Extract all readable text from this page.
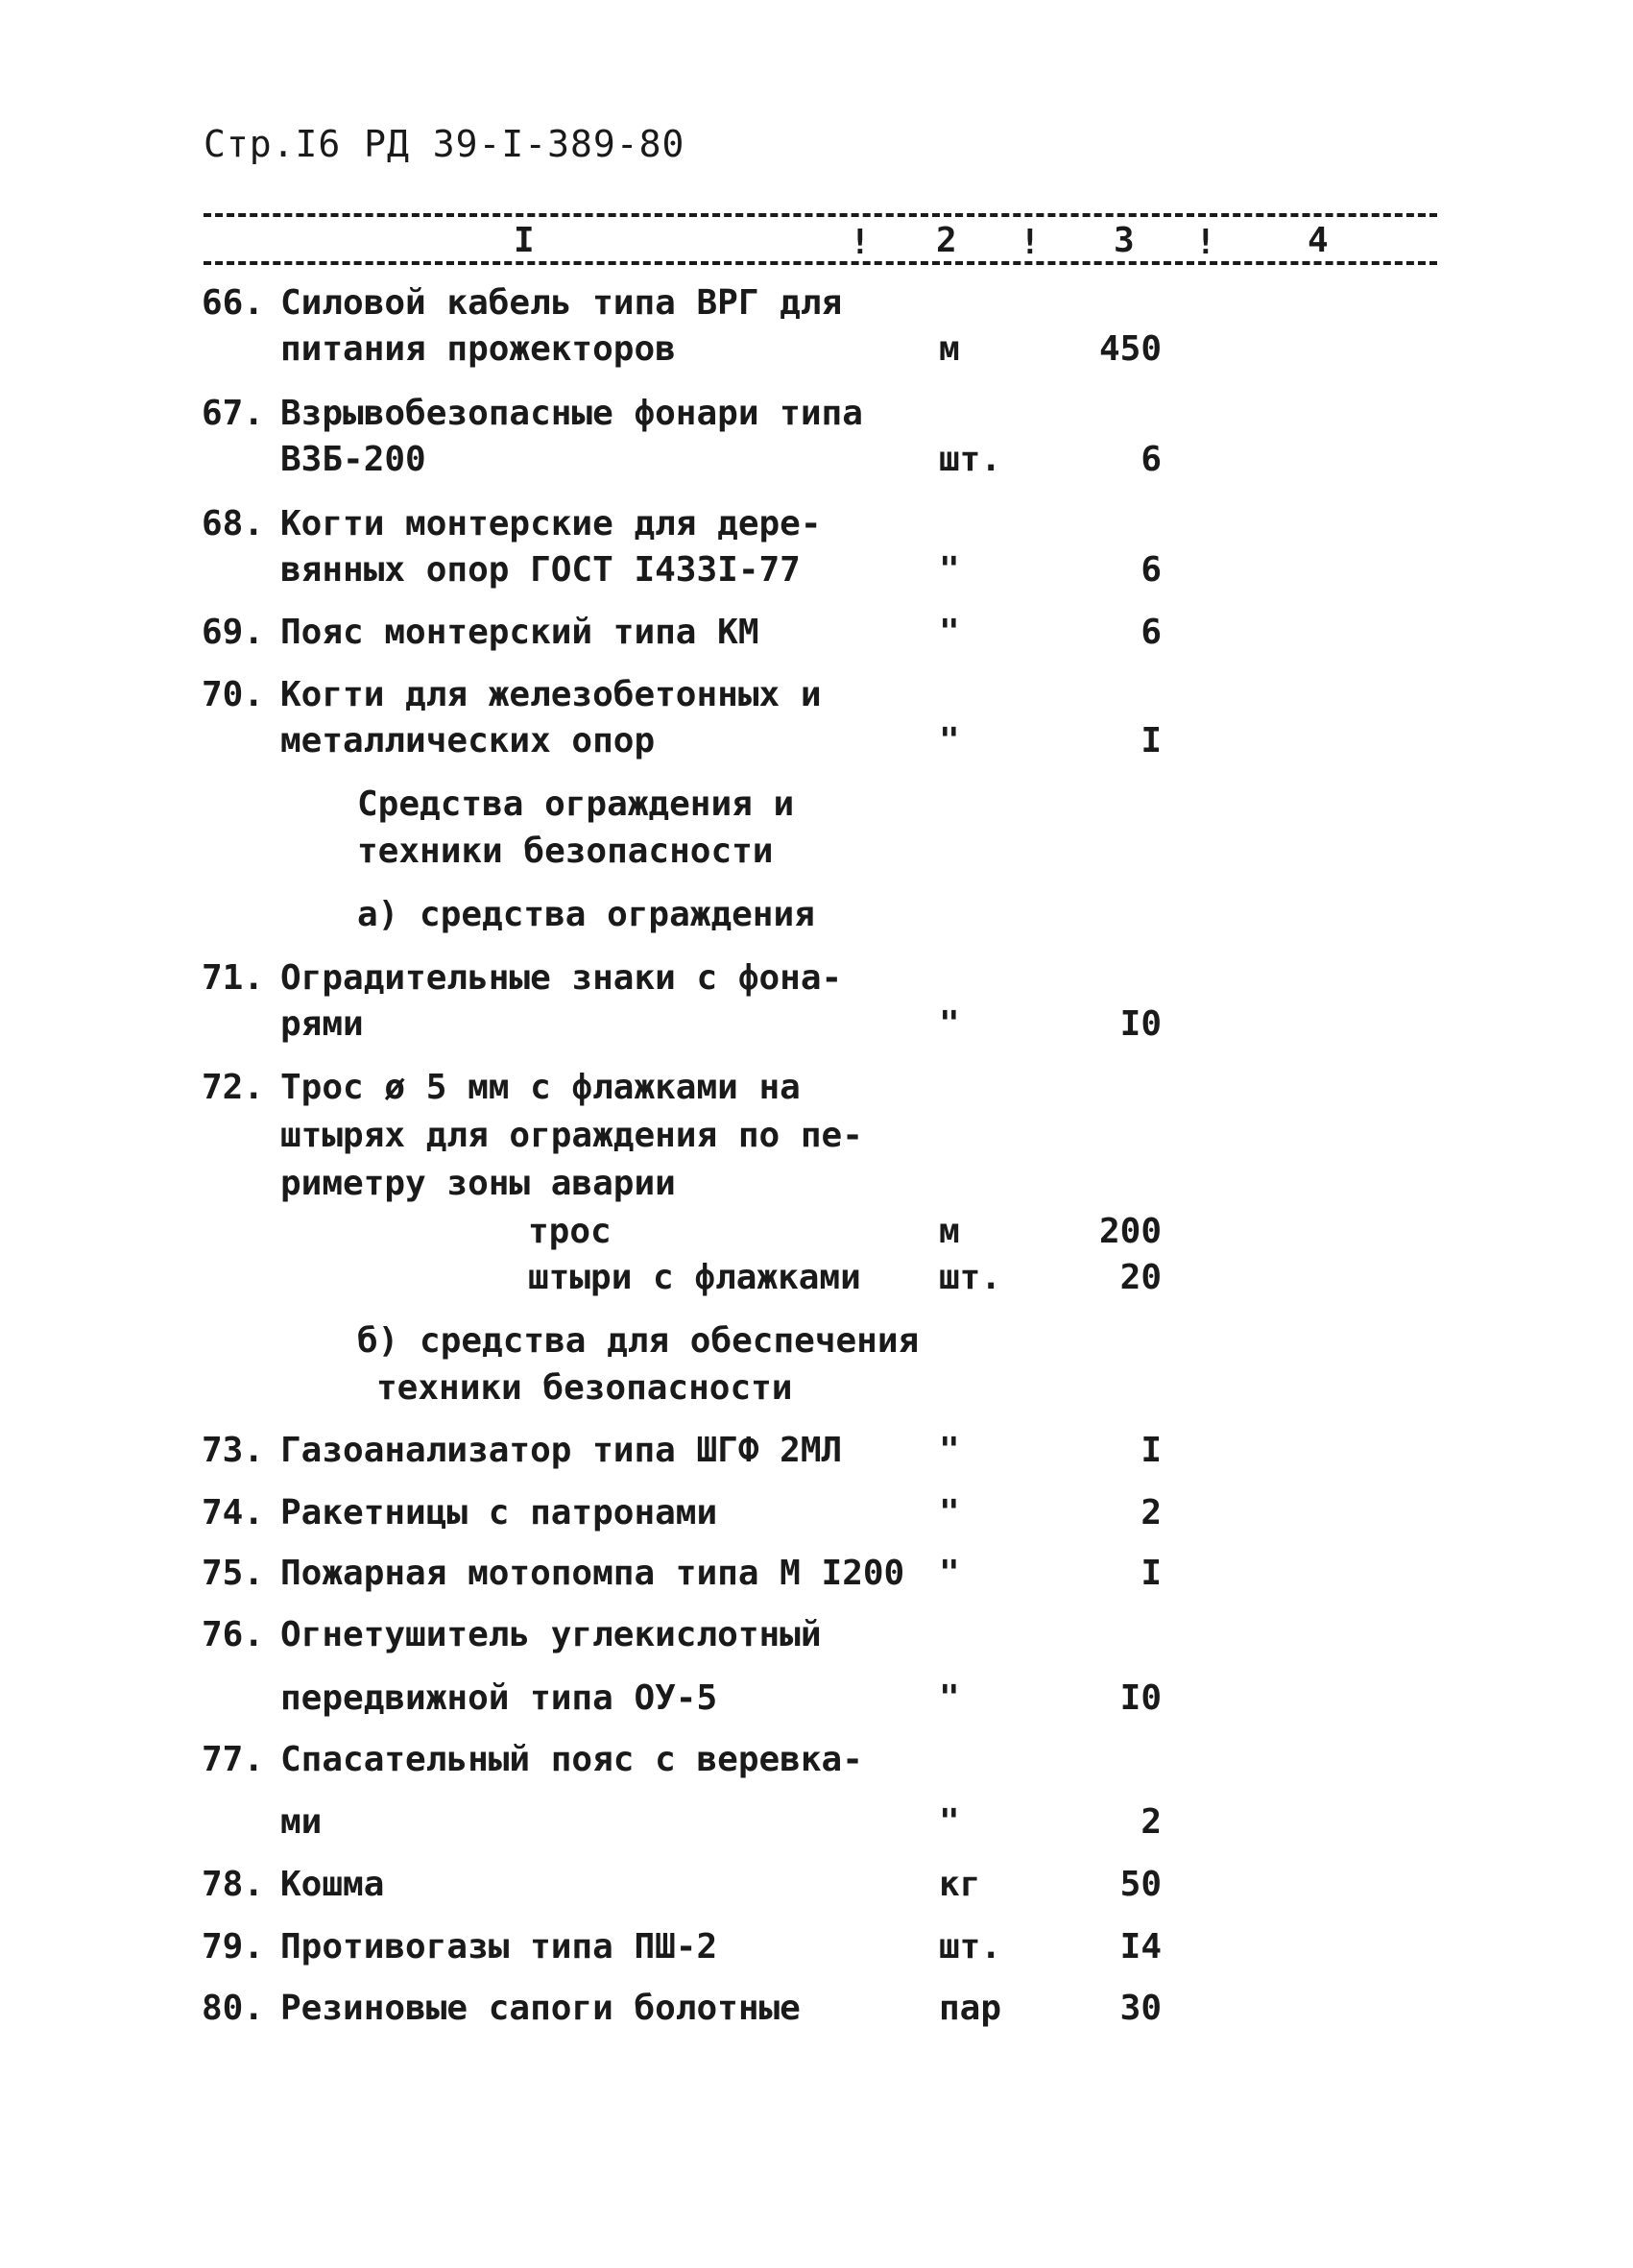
Стр.I6 РД 39-I-389-80
I	! 2 ! 3 !	4
66. Силовой кабель типа ВРГ для
питания прожекторов	м	450
67. Взрывобезопасные фонари типа
ВЗБ-200	шт.	6
68. Когти монтерские для дере-
вянных опор ГОСТ I433I-77	"	6
69. Пояс монтерский типа КМ	"	6
70. Когти для железобетонных и
металлических опор	"	I
Средства ограждения и
техники безопасности
а) средства ограждения
71. Оградительные знаки с фона-
рями	"	I0
72. Трос ø 5 мм с флажками на
штырях для ограждения по пе-
риметру зоны аварии
трос	м	200
штыри с флажками шт.	20
б) средства для обеспечения
техники безопасности
73. Газоанализатор типа ШГФ 2МЛ	"	I
74. Ракетницы с патронами	"	2
75. Пожарная мотопомпа типа М I200 "	I
76. Огнетушитель углекислотный
передвижной типа ОУ-5	"	I0
77. Спасательный пояс с веревка-
ми	"	2
78. Кошма	кг	50
79. Противогазы типа ПШ-2	шт.	I4
80. Резиновые сапоги болотные	пар	30
